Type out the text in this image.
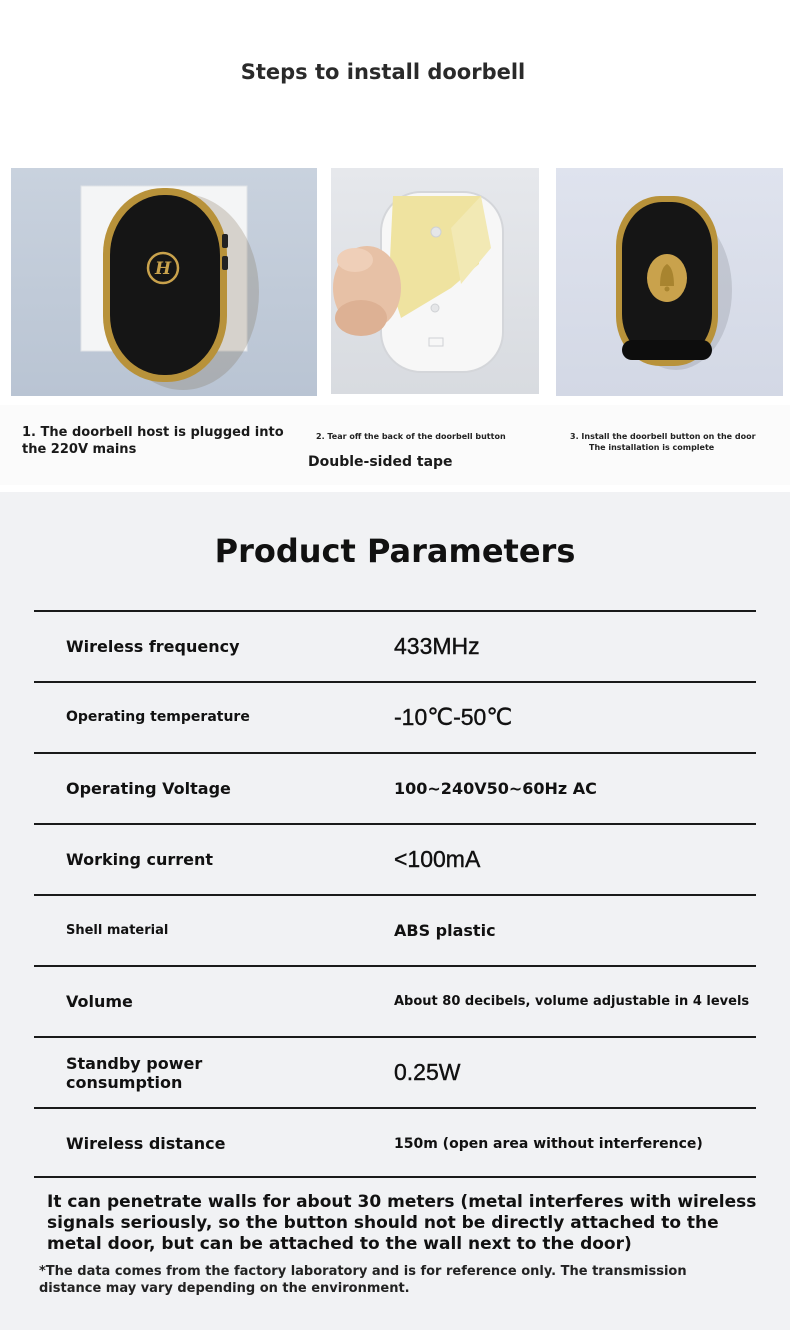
Steps to install doorbell
H
1. The doorbell host is plugged into the 220V mains
2. Tear off the back of the doorbell button
Double-sided tape
3. Install the doorbell button on the door
The installation is complete
Product Parameters
Wireless frequency	433MHz
Operating temperature	-10℃-50℃
Operating Voltage	100~240V50~60Hz AC
Working current	<100mA
Shell material	ABS plastic
Volume	About 80 decibels, volume adjustable in 4 levels
Standby power consumption	0.25W
Wireless distance	150m (open area without interference)
It can penetrate walls for about 30 meters (metal interferes with wireless signals seriously, so the button should not be directly attached to the metal door, but can be attached to the wall next to the door)
*The data comes from the factory laboratory and is for reference only. The transmission distance may vary depending on the environment.
